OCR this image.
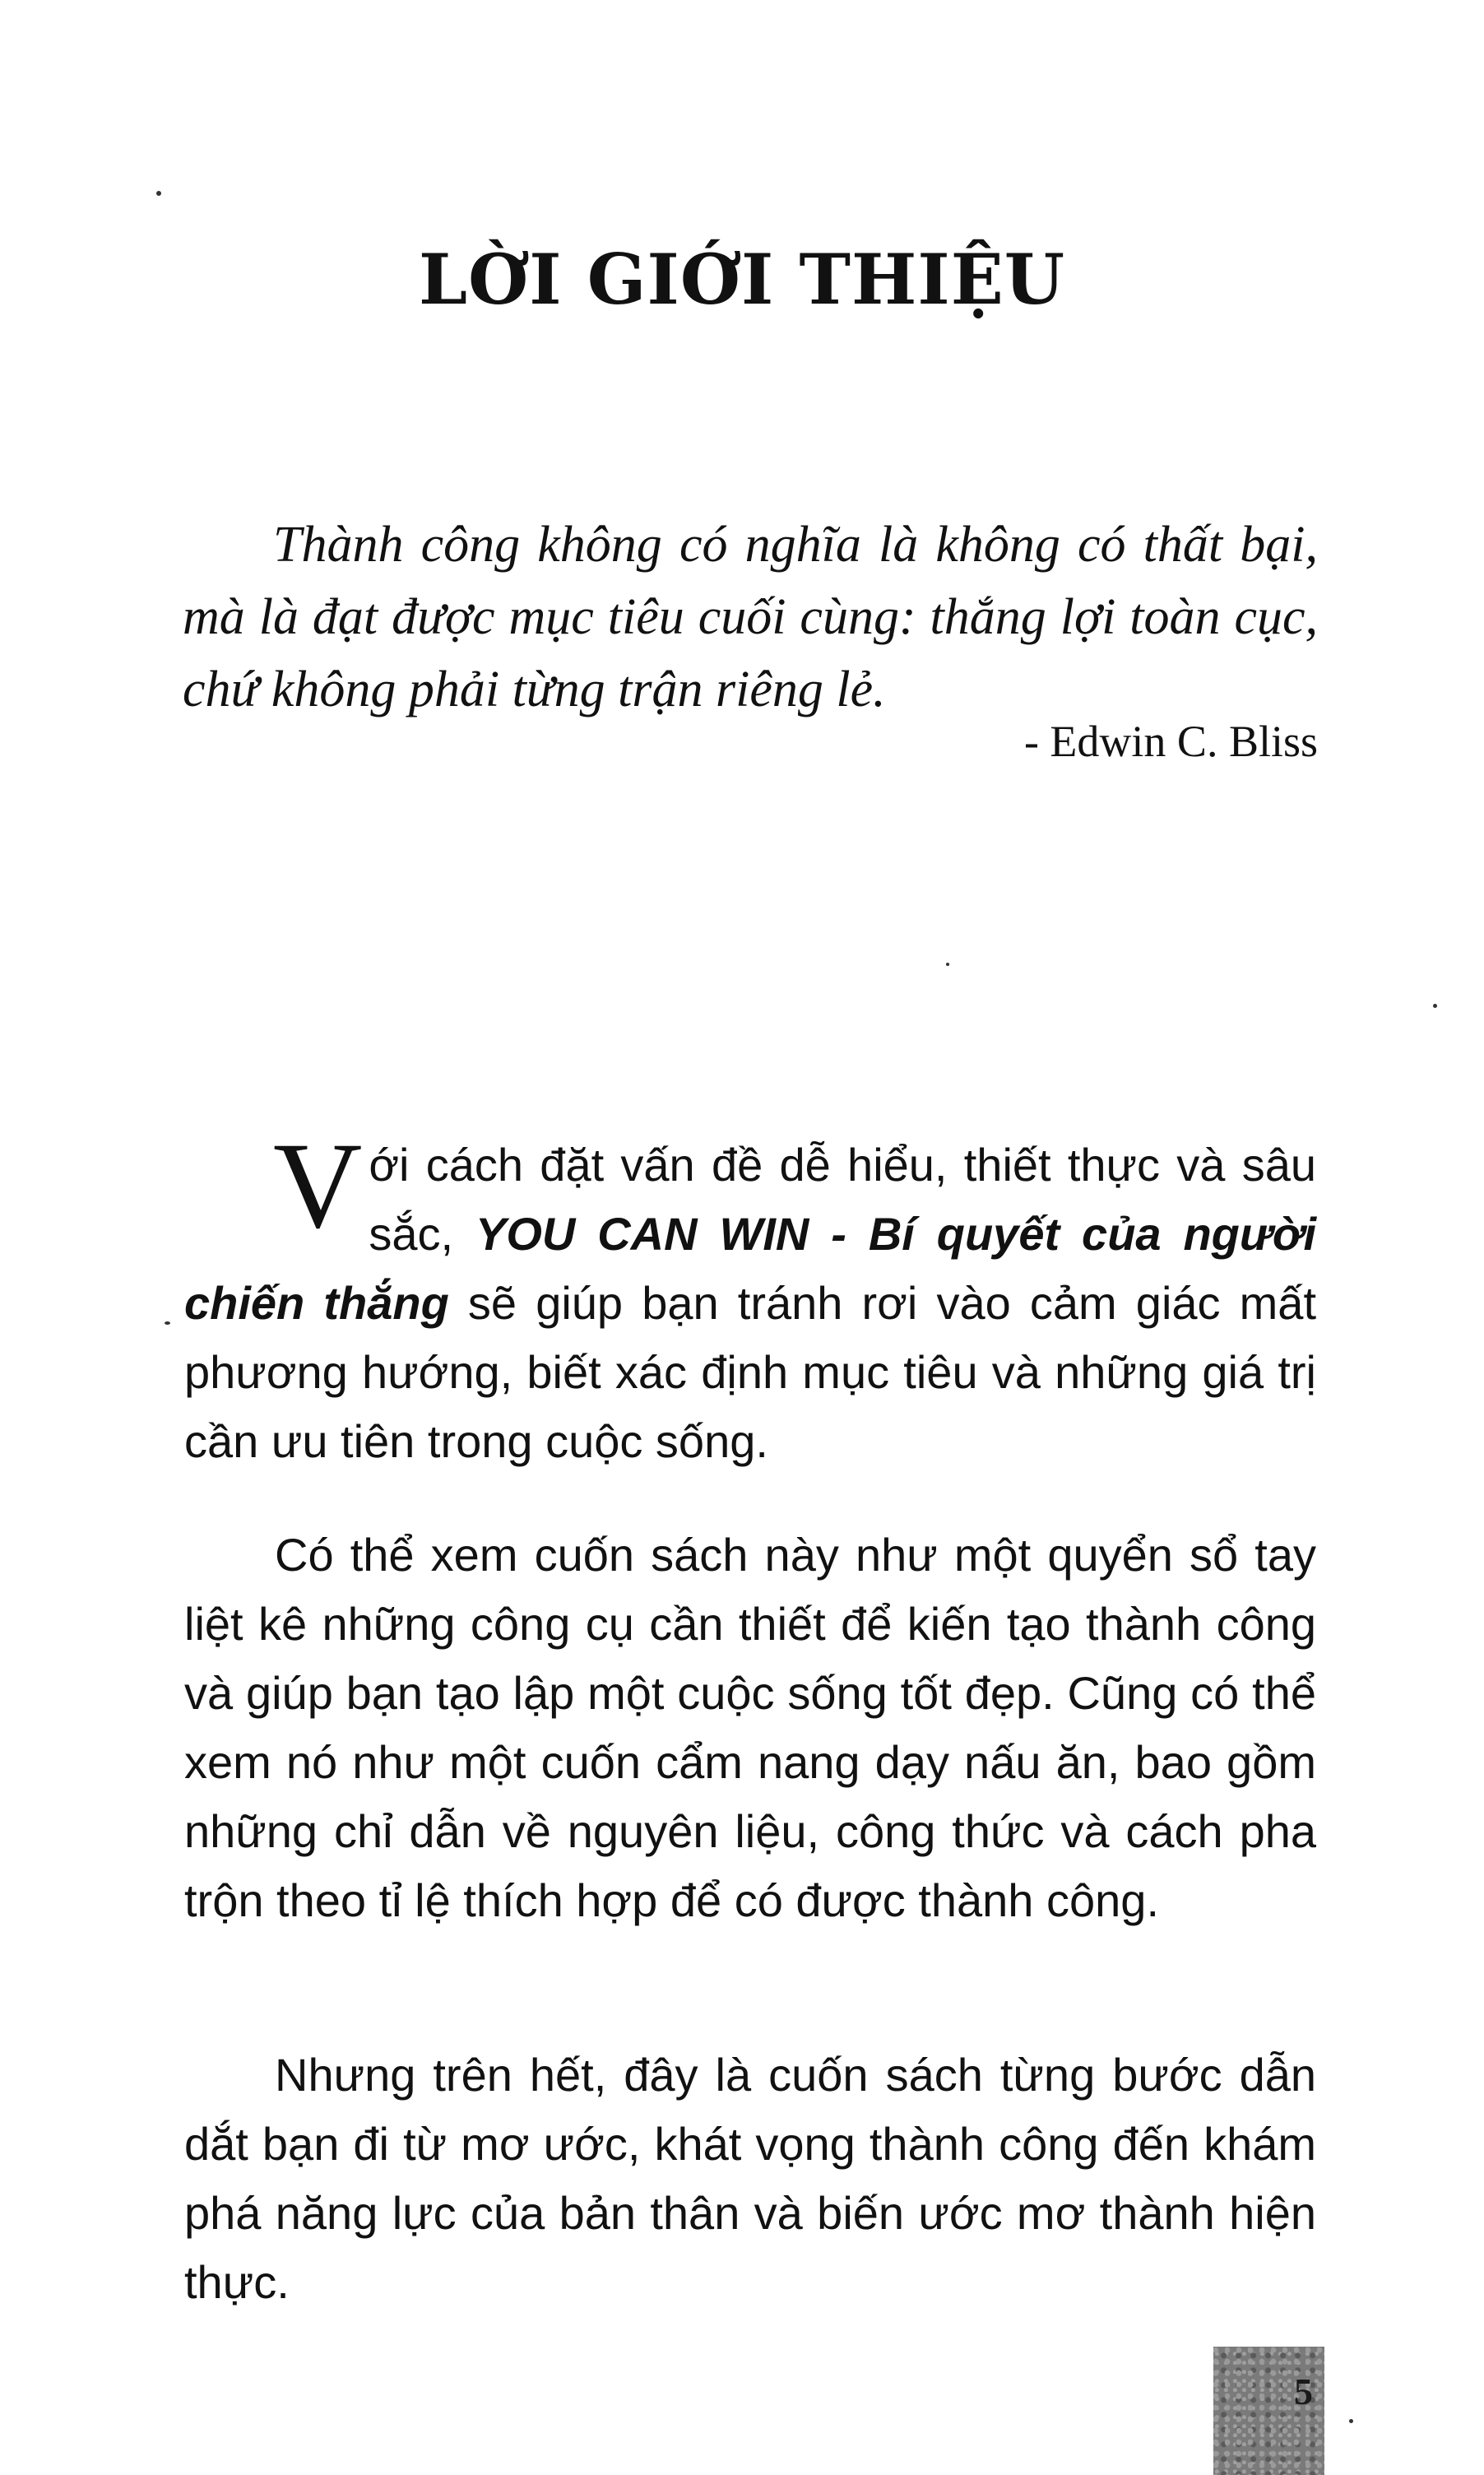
LỜI GIỚI THIỆU

Thành công không có nghĩa là không có thất bại, mà là đạt được mục tiêu cuối cùng: thắng lợi toàn cục, chứ không phải từng trận riêng lẻ.

- Edwin C. Bliss

Với cách đặt vấn đề dễ hiểu, thiết thực và sâu sắc, YOU CAN WIN - Bí quyết của người chiến thắng sẽ giúp bạn tránh rơi vào cảm giác mất phương hướng, biết xác định mục tiêu và những giá trị cần ưu tiên trong cuộc sống.

Có thể xem cuốn sách này như một quyển sổ tay liệt kê những công cụ cần thiết để kiến tạo thành công và giúp bạn tạo lập một cuộc sống tốt đẹp. Cũng có thể xem nó như một cuốn cẩm nang dạy nấu ăn, bao gồm những chỉ dẫn về nguyên liệu, công thức và cách pha trộn theo tỉ lệ thích hợp để có được thành công.

Nhưng trên hết, đây là cuốn sách từng bước dẫn dắt bạn đi từ mơ ước, khát vọng thành công đến khám phá năng lực của bản thân và biến ước mơ thành hiện thực.

5
